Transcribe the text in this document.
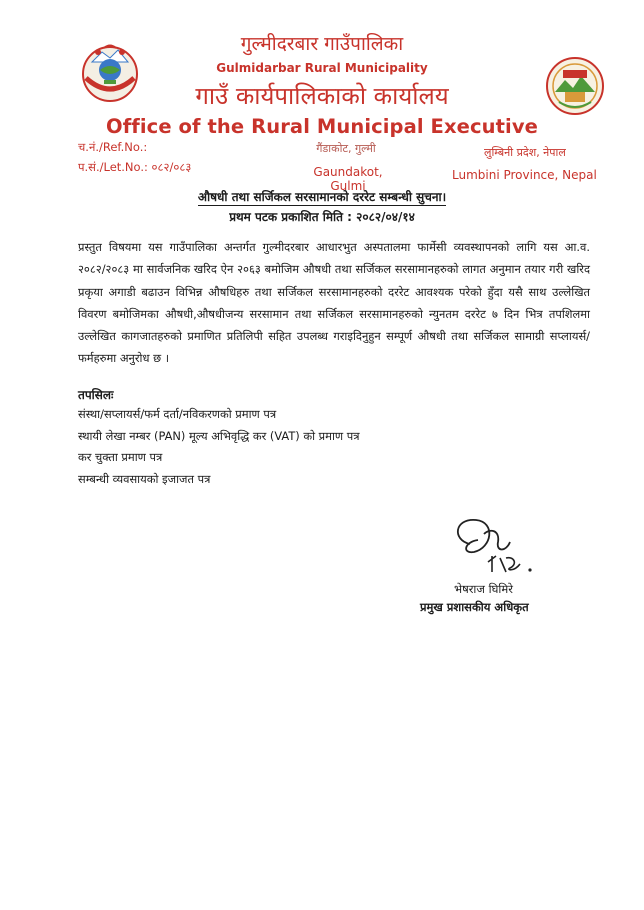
गुल्मीदरबार गाउँपालिका
Gulmidarbar Rural Municipality
गाउँ कार्यपालिकाको कार्यालय
Office of the Rural Municipal Executive
च.नं./Ref.No.:
प.सं./Let.No.: ०८२/०८३
गैंडाकोट, गुल्मी
Gaundakot, Gulmi
लुम्बिनी प्रदेश, नेपाल
Lumbini Province, Nepal
औषधी तथा सर्जिकल सरसामानको दररेट सम्बन्धी सुचना।
प्रथम पटक प्रकाशित मिति : २०८२/०४/१४
प्रस्तुत विषयमा यस गाउँपालिका अन्तर्गत गुल्मीदरबार आधारभुत अस्पतालमा फार्मेसी व्यवस्थापनको लागि यस आ.व. २०८२/२०८३ मा सार्वजनिक खरिद ऐन २०६३ बमोजिम औषधी तथा सर्जिकल सरसामानहरुको लागत अनुमान तयार गरी खरिद प्रकृया अगाडी बढाउन विभिन्न औषधिहरु तथा सर्जिकल सरसामानहरुको दररेट आवश्यक परेको हुँदा यसै साथ उल्लेखित विवरण बमोजिमका औषधी,औषधीजन्य सरसामान तथा सर्जिकल सरसामानहरुको न्युनतम दररेट ७ दिन भित्र तपशिलमा उल्लेखित कागजातहरुको प्रमाणित प्रतिलिपी सहित उपलब्ध गराइदिनुहुन सम्पूर्ण औषधी तथा सर्जिकल सामाग्री सप्लायर्स/फर्महरुमा अनुरोध छ ।
तपसिलः
संस्था/सप्लायर्स/फर्म दर्ता/नविकरणको प्रमाण पत्र
स्थायी लेखा नम्बर (PAN) मूल्य अभिवृद्धि कर (VAT) को प्रमाण पत्र
कर चुक्ता प्रमाण पत्र
सम्बन्धी व्यवसायको इजाजत पत्र
भेषराज घिमिरे
प्रमुख प्रशासकीय अधिकृत
